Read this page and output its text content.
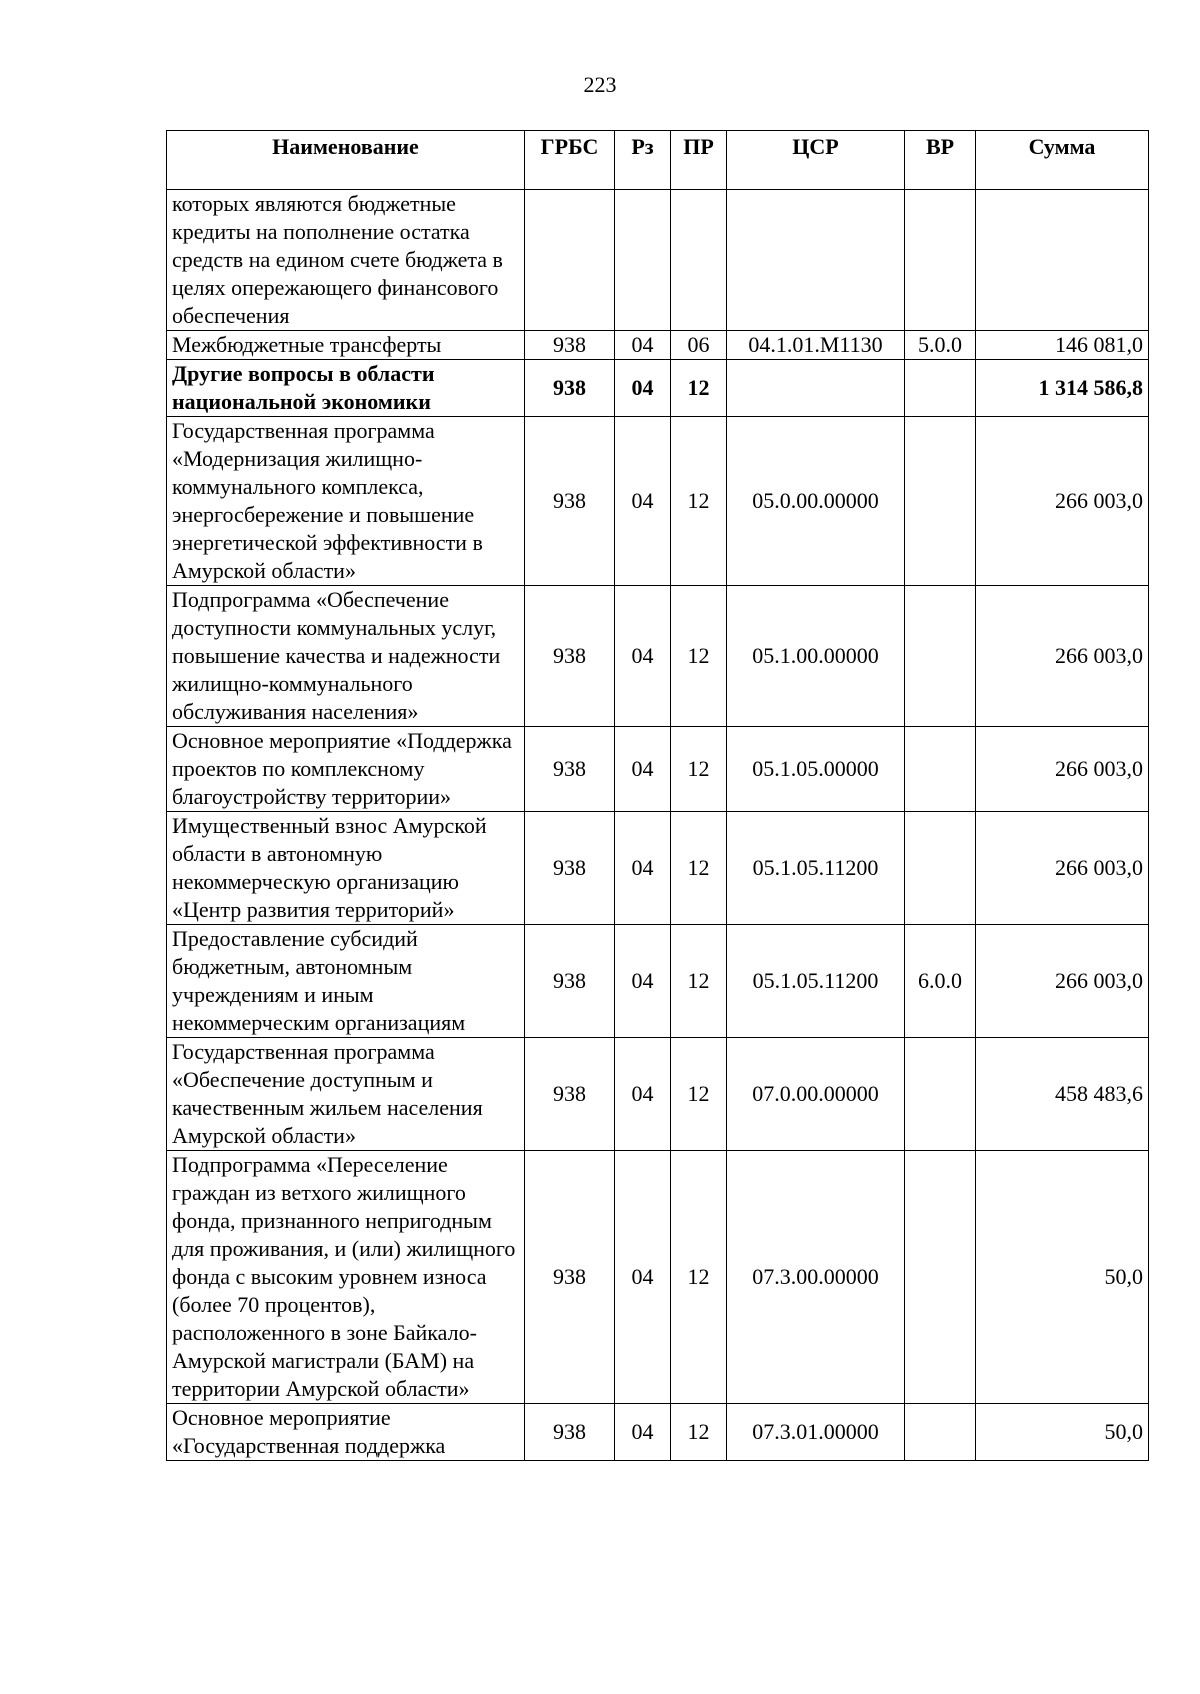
223
Наименование	ГРБС	Рз	ПР	ЦСР	ВР	Сумма
которых являются бюджетные кредиты на пополнение остатка средств на едином счете бюджета в целях опережающего финансового обеспечения						
Межбюджетные трансферты	938	04	06	04.1.01.M1130	5.0.0	146 081,0
Другие вопросы в области национальной экономики	938	04	12			1 314 586,8
Государственная программа «Модернизация жилищно-коммунального комплекса, энергосбережение и повышение энергетической эффективности в Амурской области»	938	04	12	05.0.00.00000		266 003,0
Подпрограмма «Обеспечение доступности коммунальных услуг, повышение качества и надежности жилищно-коммунального обслуживания населения»	938	04	12	05.1.00.00000		266 003,0
Основное мероприятие «Поддержка проектов по комплексному благоустройству территории»	938	04	12	05.1.05.00000		266 003,0
Имущественный взнос Амурской области в автономную некоммерческую организацию «Центр развития территорий»	938	04	12	05.1.05.11200		266 003,0
Предоставление субсидий бюджетным, автономным учреждениям и иным некоммерческим организациям	938	04	12	05.1.05.11200	6.0.0	266 003,0
Государственная программа «Обеспечение доступным и качественным жильем населения Амурской области»	938	04	12	07.0.00.00000		458 483,6
Подпрограмма «Переселение граждан из ветхого жилищного фонда, признанного непригодным для проживания, и (или) жилищного фонда с высоким уровнем износа (более 70 процентов), расположенного в зоне Байкало-Амурской магистрали (БАМ) на территории Амурской области»	938	04	12	07.3.00.00000		50,0
Основное мероприятие «Государственная поддержка	938	04	12	07.3.01.00000		50,0
